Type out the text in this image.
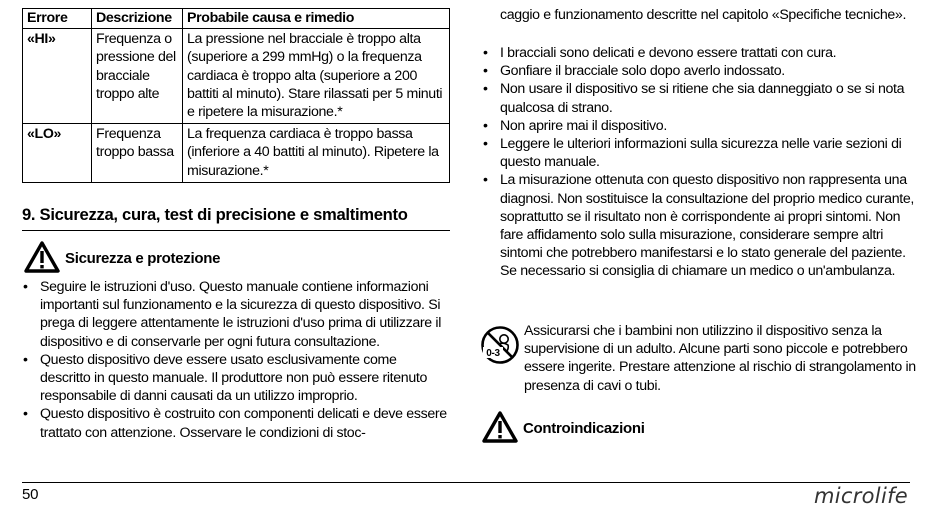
Errore	Descrizione	Probabile causa e rimedio
«HI»	Frequenza o pressione del bracciale troppo alte	La pressione nel bracciale è troppo alta (superiore a 299 mmHg) o la frequenza cardiaca è troppo alta (superiore a 200 battiti al minuto). Stare rilassati per 5 minuti e ripetere la misurazione.*
«LO»	Frequenza troppo bassa	La frequenza cardiaca è troppo bassa (inferiore a 40 battiti al minuto). Ripetere la misurazione.*
9. Sicurezza, cura, test di precisione e smaltimento
Sicurezza e protezione
• Seguire le istruzioni d'uso. Questo manuale contiene informazioni importanti sul funzionamento e la sicurezza di questo dispositivo. Si prega di leggere attentamente le istruzioni d'uso prima di utilizzare il dispositivo e di conservarle per ogni futura consultazione.
• Questo dispositivo deve essere usato esclusivamente come descritto in questo manuale. Il produttore non può essere ritenuto responsabile di danni causati da un utilizzo improprio.
• Questo dispositivo è costruito con componenti delicati e deve essere trattato con attenzione. Osservare le condizioni di stoc-
caggio e funzionamento descritte nel capitolo «Specifiche tecniche».
• I bracciali sono delicati e devono essere trattati con cura.
• Gonfiare il bracciale solo dopo averlo indossato.
• Non usare il dispositivo se si ritiene che sia danneggiato o se si nota qualcosa di strano.
• Non aprire mai il dispositivo.
• Leggere le ulteriori informazioni sulla sicurezza nelle varie sezioni di questo manuale.
• La misurazione ottenuta con questo dispositivo non rappresenta una diagnosi. Non sostituisce la consultazione del proprio medico curante, soprattutto se il risultato non è corrispondente ai propri sintomi. Non fare affidamento solo sulla misurazione, considerare sempre altri sintomi che potrebbero manifestarsi e lo stato generale del paziente. Se necessario si consiglia di chiamare un medico o un'ambulanza.
0-3
Assicurarsi che i bambini non utilizzino il dispositivo senza la supervisione di un adulto. Alcune parti sono piccole e potrebbero essere ingerite. Prestare attenzione al rischio di strangolamento in presenza di cavi o tubi.
Controindicazioni
50	microlife
